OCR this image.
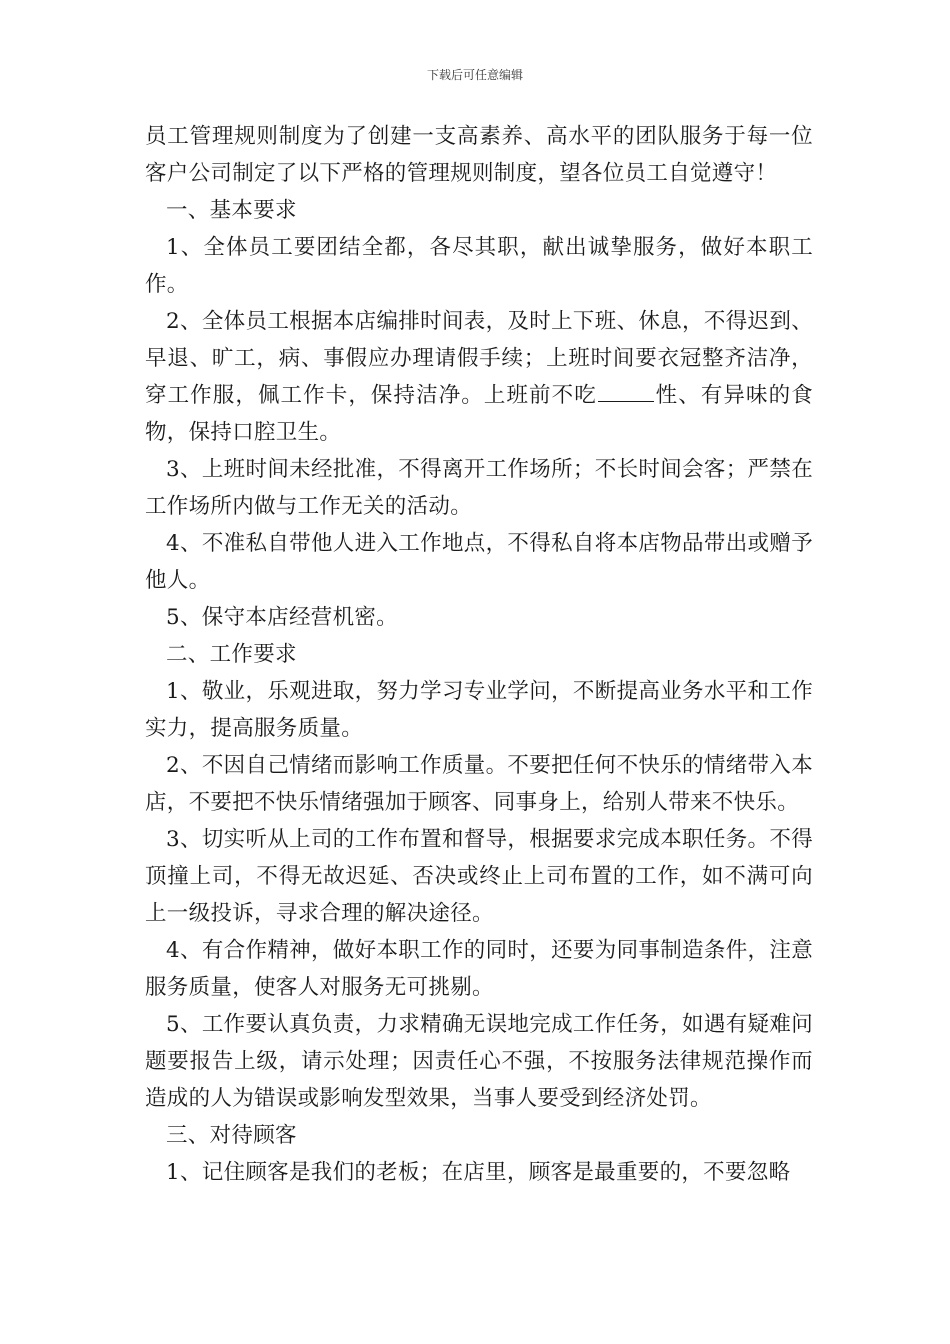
下载后可任意编辑

员工管理规则制度为了创建一支高素养、高水平的团队服务于每一位客户公司制定了以下严格的管理规则制度，望各位员工自觉遵守！

一、基本要求

1、全体员工要团结全都，各尽其职，献出诚挚服务，做好本职工作。

2、全体员工根据本店编排时间表，及时上下班、休息，不得迟到、早退、旷工，病、事假应办理请假手续；上班时间要衣冠整齐洁净，穿工作服，佩工作卡，保持洁净。上班前不吃	性、有异味的食物，保持口腔卫生。

3、上班时间未经批准，不得离开工作场所；不长时间会客；严禁在工作场所内做与工作无关的活动。

4、不准私自带他人进入工作地点，不得私自将本店物品带出或赠予他人。

5、保守本店经营机密。

二、工作要求

1、敬业，乐观进取，努力学习专业学问，不断提高业务水平和工作实力，提高服务质量。

2、不因自己情绪而影响工作质量。不要把任何不快乐的情绪带入本店，不要把不快乐情绪强加于顾客、同事身上，给别人带来不快乐。

3、切实听从上司的工作布置和督导，根据要求完成本职任务。不得顶撞上司，不得无故迟延、否决或终止上司布置的工作，如不满可向上一级投诉，寻求合理的解决途径。

4、有合作精神，做好本职工作的同时，还要为同事制造条件，注意服务质量，使客人对服务无可挑剔。

5、工作要认真负责，力求精确无误地完成工作任务，如遇有疑难问题要报告上级，请示处理；因责任心不强，不按服务法律规范操作而造成的人为错误或影响发型效果，当事人要受到经济处罚。

三、对待顾客

1、记住顾客是我们的老板；在店里，顾客是最重要的，不要忽略
